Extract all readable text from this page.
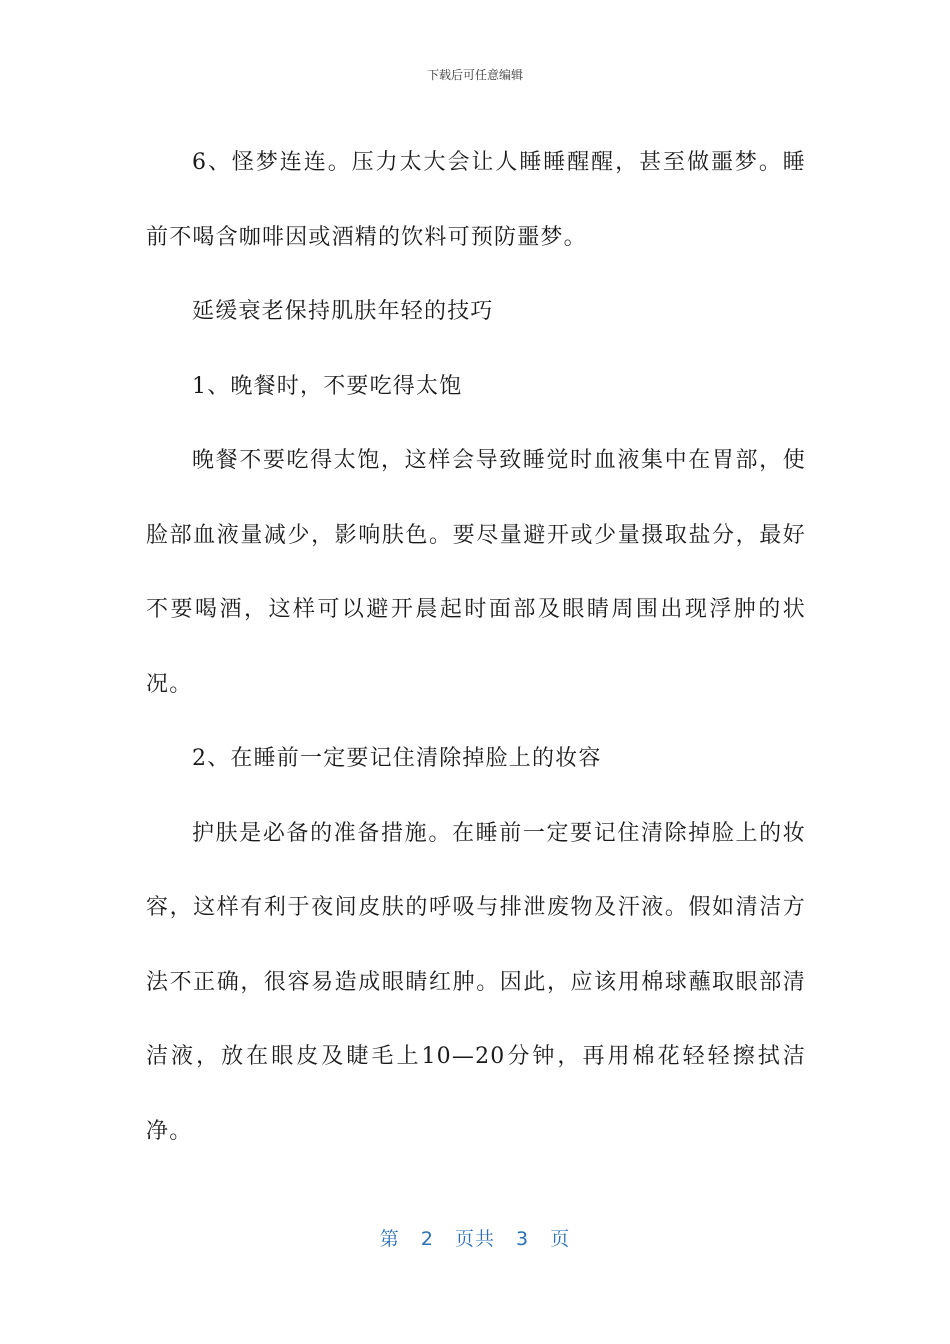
下载后可任意编辑

6、怪梦连连。压力太大会让人睡睡醒醒，甚至做噩梦。睡前不喝含咖啡因或酒精的饮料可预防噩梦。

延缓衰老保持肌肤年轻的技巧

1、晚餐时，不要吃得太饱

晚餐不要吃得太饱，这样会导致睡觉时血液集中在胃部，使脸部血液量减少，影响肤色。要尽量避开或少量摄取盐分，最好不要喝酒，这样可以避开晨起时面部及眼睛周围出现浮肿的状况。

2、在睡前一定要记住清除掉脸上的妆容

护肤是必备的准备措施。在睡前一定要记住清除掉脸上的妆容，这样有利于夜间皮肤的呼吸与排泄废物及汗液。假如清洁方法不正确，很容易造成眼睛红肿。因此，应该用棉球蘸取眼部清洁液，放在眼皮及睫毛上10—20分钟，再用棉花轻轻擦拭洁净。

第 2 页共 3 页
